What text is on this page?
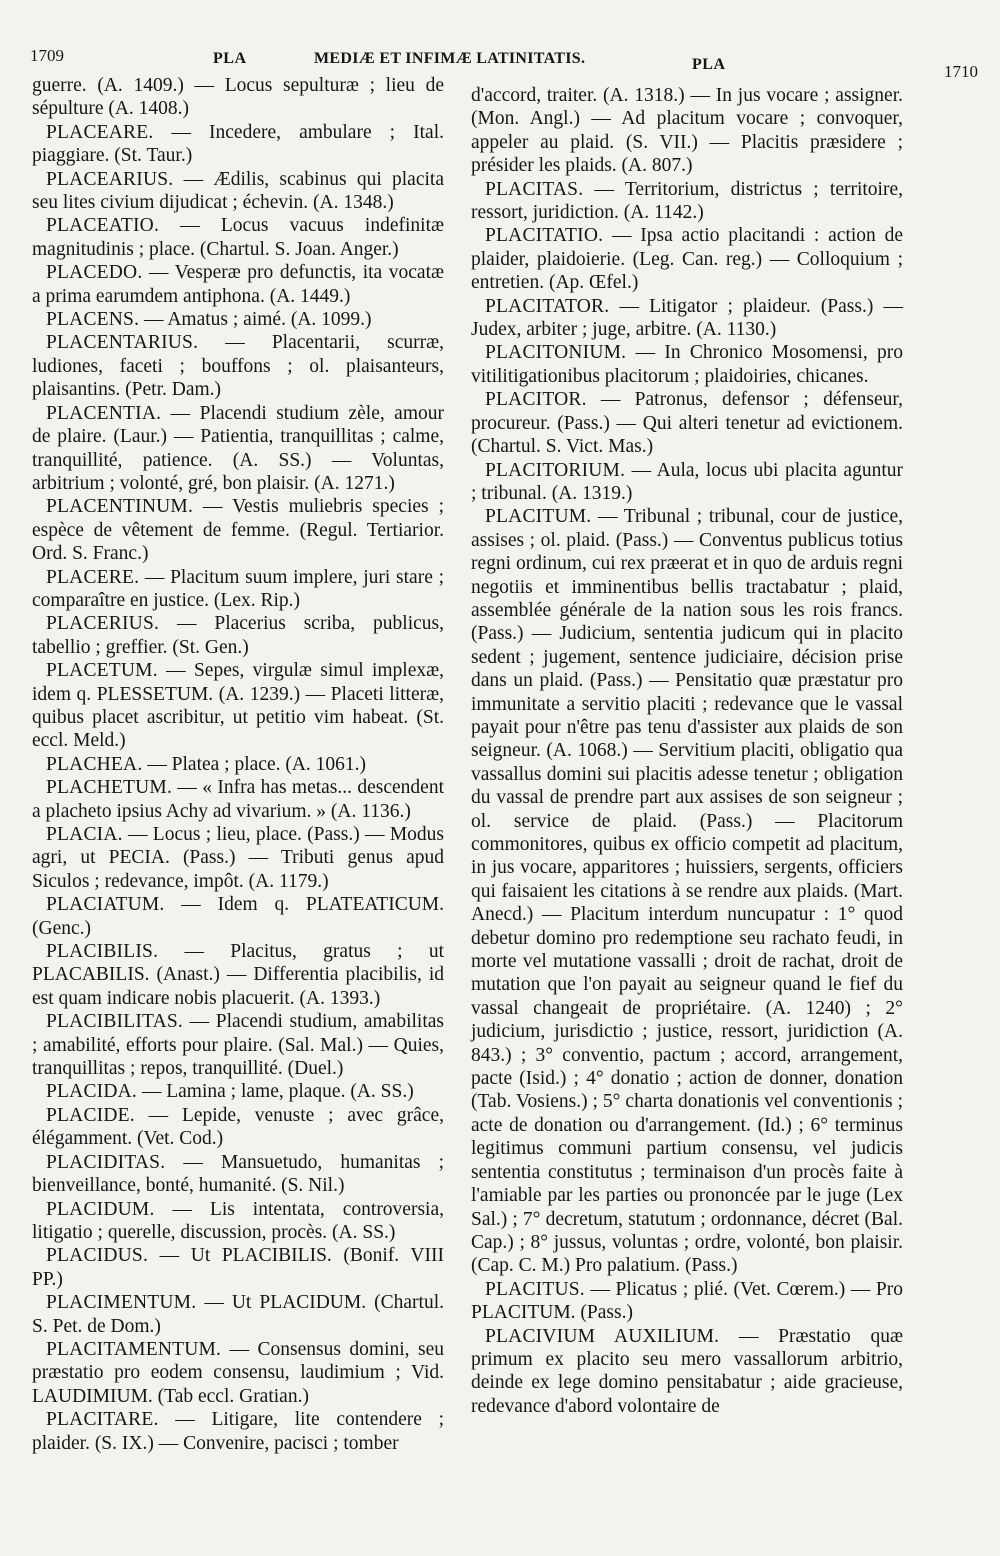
1709	PLA	MEDIÆ ET INFIMÆ LATINITATIS.	PLA	1710

guerre. (A. 1409.) — Locus sepulturæ ; lieu de sépulture (A. 1408.)

PLACEARE. — Incedere, ambulare ; Ital. piaggiare. (St. Taur.)

PLACEARIUS. — Ædilis, scabinus qui placita seu lites civium dijudicat ; échevin. (A. 1348.)

PLACEATIO. — Locus vacuus indefinitæ magnitudinis ; place. (Chartul. S. Joan. Anger.)

PLACEDO. — Vesperæ pro defunctis, ita vocatæ a prima earumdem antiphona. (A. 1449.)

PLACENS. — Amatus ; aimé. (A. 1099.)

PLACENTARIUS. — Placentarii, scurræ, ludiones, faceti ; bouffons ; ol. plaisanteurs, plaisantins. (Petr. Dam.)

PLACENTIA. — Placendi studium zèle, amour de plaire. (Laur.) — Patientia, tranquillitas ; calme, tranquillité, patience. (A. SS.) — Voluntas, arbitrium ; volonté, gré, bon plaisir. (A. 1271.)

PLACENTINUM. — Vestis muliebris species ; espèce de vêtement de femme. (Regul. Tertiarior. Ord. S. Franc.)

PLACERE. — Placitum suum implere, juri stare ; comparaître en justice. (Lex. Rip.)

PLACERIUS. — Placerius scriba, publicus, tabellio ; greffier. (St. Gen.)

PLACETUM. — Sepes, virgulæ simul implexæ, idem q. PLESSETUM. (A. 1239.) — Placeti litteræ, quibus placet ascribitur, ut petitio vim habeat. (St. eccl. Meld.)

PLACHEA. — Platea ; place. (A. 1061.)

PLACHETUM. — « Infra has metas... descendent a placheto ipsius Achy ad vivarium. » (A. 1136.)

PLACIA. — Locus ; lieu, place. (Pass.) — Modus agri, ut PECIA. (Pass.) — Tributi genus apud Siculos ; redevance, impôt. (A. 1179.)

PLACIATUM. — Idem q. PLATEATICUM. (Genc.)

PLACIBILIS. — Placitus, gratus ; ut PLACABILIS. (Anast.) — Differentia placibilis, id est quam indicare nobis placuerit. (A. 1393.)

PLACIBILITAS. — Placendi studium, amabilitas ; amabilité, efforts pour plaire. (Sal. Mal.) — Quies, tranquillitas ; repos, tranquillité. (Duel.)

PLACIDA. — Lamina ; lame, plaque. (A. SS.)

PLACIDE. — Lepide, venuste ; avec grâce, élégamment. (Vet. Cod.)

PLACIDITAS. — Mansuetudo, humanitas ; bienveillance, bonté, humanité. (S. Nil.)

PLACIDUM. — Lis intentata, controversia, litigatio ; querelle, discussion, procès. (A. SS.)

PLACIDUS. — Ut PLACIBILIS. (Bonif. VIII PP.)

PLACIMENTUM. — Ut PLACIDUM. (Chartul. S. Pet. de Dom.)

PLACITAMENTUM. — Consensus domini, seu præstatio pro eodem consensu, laudimium ; Vid. LAUDIMIUM. (Tab eccl. Gratian.)

PLACITARE. — Litigare, lite contendere ; plaider. (S. IX.) — Convenire, pacisci ; tomber

d'accord, traiter. (A. 1318.) — In jus vocare ; assigner. (Mon. Angl.) — Ad placitum vocare ; convoquer, appeler au plaid. (S. VII.) — Placitis præsidere ; présider les plaids. (A. 807.)

PLACITAS. — Territorium, districtus ; territoire, ressort, juridiction. (A. 1142.)

PLACITATIO. — Ipsa actio placitandi : action de plaider, plaidoierie. (Leg. Can. reg.) — Colloquium ; entretien. (Ap. Œfel.)

PLACITATOR. — Litigator ; plaideur. (Pass.) — Judex, arbiter ; juge, arbitre. (A. 1130.)

PLACITONIUM. — In Chronico Mosomensi, pro vitilitigationibus placitorum ; plaidoiries, chicanes.

PLACITOR. — Patronus, defensor ; défenseur, procureur. (Pass.) — Qui alteri tenetur ad evictionem. (Chartul. S. Vict. Mas.)

PLACITORIUM. — Aula, locus ubi placita aguntur ; tribunal. (A. 1319.)

PLACITUM. — Tribunal ; tribunal, cour de justice, assises ; ol. plaid. (Pass.) — Conventus publicus totius regni ordinum, cui rex præerat et in quo de arduis regni negotiis et imminentibus bellis tractabatur ; plaid, assemblée générale de la nation sous les rois francs. (Pass.) — Judicium, sententia judicum qui in placito sedent ; jugement, sentence judiciaire, décision prise dans un plaid. (Pass.) — Pensitatio quæ præstatur pro immunitate a servitio placiti ; redevance que le vassal payait pour n'être pas tenu d'assister aux plaids de son seigneur. (A. 1068.) — Servitium placiti, obligatio qua vassallus domini sui placitis adesse tenetur ; obligation du vassal de prendre part aux assises de son seigneur ; ol. service de plaid. (Pass.) — Placitorum commonitores, quibus ex officio competit ad placitum, in jus vocare, apparitores ; huissiers, sergents, officiers qui faisaient les citations à se rendre aux plaids. (Mart. Anecd.) — Placitum interdum nuncupatur : 1° quod debetur domino pro redemptione seu rachato feudi, in morte vel mutatione vassalli ; droit de rachat, droit de mutation que l'on payait au seigneur quand le fief du vassal changeait de propriétaire. (A. 1240) ; 2° judicium, jurisdictio ; justice, ressort, juridiction (A. 843.) ; 3° conventio, pactum ; accord, arrangement, pacte (Isid.) ; 4° donatio ; action de donner, donation (Tab. Vosiens.) ; 5° charta donationis vel conventionis ; acte de donation ou d'arrangement. (Id.) ; 6° terminus legitimus communi partium consensu, vel judicis sententia constitutus ; terminaison d'un procès faite à l'amiable par les parties ou prononcée par le juge (Lex Sal.) ; 7° decretum, statutum ; ordonnance, décret (Bal. Cap.) ; 8° jussus, voluntas ; ordre, volonté, bon plaisir. (Cap. C. M.) Pro palatium. (Pass.)

PLACITUS. — Plicatus ; plié. (Vet. Cœrem.) — Pro PLACITUM. (Pass.)

PLACIVIUM AUXILIUM. — Præstatio quæ primum ex placito seu mero vassallorum arbitrio, deinde ex lege domino pensitabatur ; aide gracieuse, redevance d'abord volontaire de
